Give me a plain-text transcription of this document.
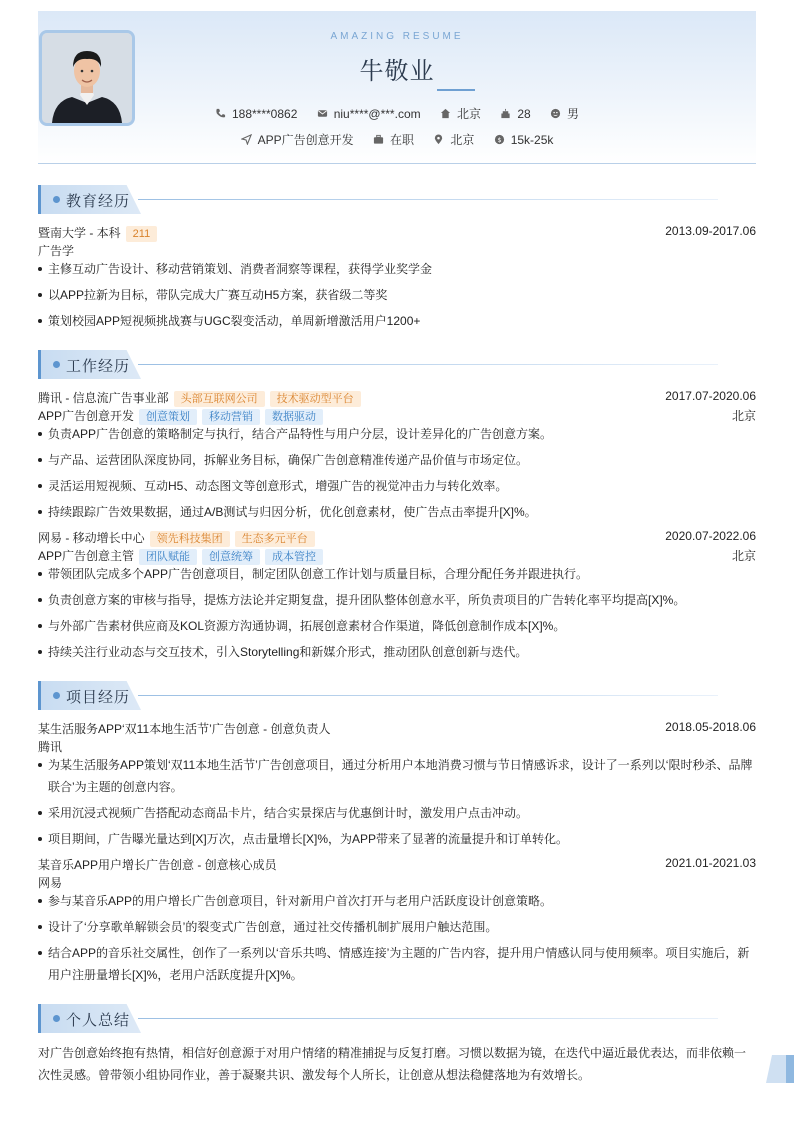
AMAZING RESUME
牛敬业
188****0862
	niu****@***.com
	北京
	28
	男
APP广告创意开发
	在职
	北京
	$ 15k-25k
教育经历
暨南大学 - 本科 211	2013.09-2017.06
广告学
主修互动广告设计、移动营销策划、消费者洞察等课程，获得学业奖学金
以APP拉新为目标，带队完成大广赛互动H5方案，获省级二等奖
策划校园APP短视频挑战赛与UGC裂变活动，单周新增激活用户1200+
工作经历
腾讯 - 信息流广告事业部 头部互联网公司 技术驱动型平台	2017.07-2020.06
APP广告创意开发 创意策划 移动营销 数据驱动	北京
负责APP广告创意的策略制定与执行，结合产品特性与用户分层，设计差异化的广告创意方案。
与产品、运营团队深度协同，拆解业务目标，确保广告创意精准传递产品价值与市场定位。
灵活运用短视频、互动H5、动态图文等创意形式，增强广告的视觉冲击力与转化效率。
持续跟踪广告效果数据，通过A/B测试与归因分析，优化创意素材，使广告点击率提升[X]%。
网易 - 移动增长中心 领先科技集团 生态多元平台	2020.07-2022.06
APP广告创意主管 团队赋能 创意统筹 成本管控	北京
带领团队完成多个APP广告创意项目，制定团队创意工作计划与质量目标，合理分配任务并跟进执行。
负责创意方案的审核与指导，提炼方法论并定期复盘，提升团队整体创意水平，所负责项目的广告转化率平均提高[X]%。
与外部广告素材供应商及KOL资源方沟通协调，拓展创意素材合作渠道，降低创意制作成本[X]%。
持续关注行业动态与交互技术，引入Storytelling和新媒介形式，推动团队创意创新与迭代。
项目经历
某生活服务APP‘双11本地生活节’广告创意 - 创意负责人	2018.05-2018.06
腾讯
为某生活服务APP策划‘双11本地生活节’广告创意项目，通过分析用户本地消费习惯与节日情感诉求，设计了一系列以‘限时秒杀、品牌联合’为主题的创意内容。
采用沉浸式视频广告搭配动态商品卡片，结合实景探店与优惠倒计时，激发用户点击冲动。
项目期间，广告曝光量达到[X]万次，点击量增长[X]%，为APP带来了显著的流量提升和订单转化。
某音乐APP用户增长广告创意 - 创意核心成员	2021.01-2021.03
网易
参与某音乐APP的用户增长广告创意项目，针对新用户首次打开与老用户活跃度设计创意策略。
设计了‘分享歌单解锁会员’的裂变式广告创意，通过社交传播机制扩展用户触达范围。
结合APP的音乐社交属性，创作了一系列以‘音乐共鸣、情感连接’为主题的广告内容，提升用户情感认同与使用频率。项目实施后，新用户注册量增长[X]%，老用户活跃度提升[X]%。
个人总结
对广告创意始终抱有热情，相信好创意源于对用户情绪的精准捕捉与反复打磨。习惯以数据为镜，在迭代中逼近最优表达，而非依赖一次性灵感。曾带领小组协同作业，善于凝聚共识、激发每个人所长，让创意从想法稳健落地为有效增长。
